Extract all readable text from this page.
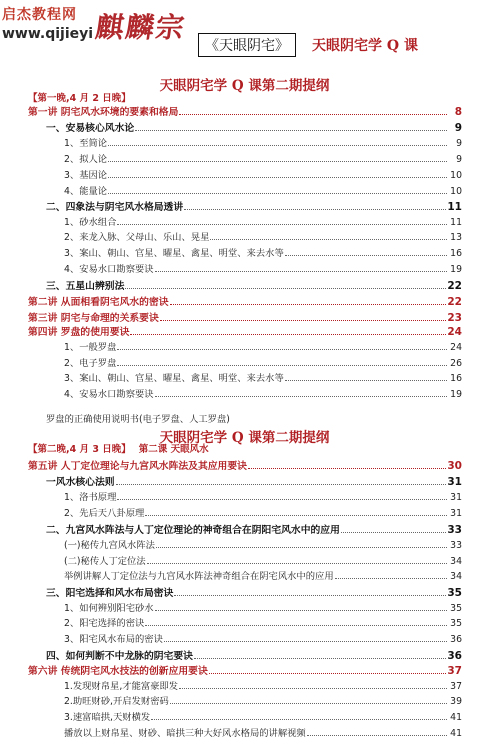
启杰教程网
www.qijieyi 麒麟宗
《天眼阴宅》	天眼阴宅学 Q 课
天眼阴宅学 Q 课第二期提纲
【第一晚,4 月 2 日晚】
第一讲 阴宅风水环境的要素和格局	8
一、安易核心风水论	9
1、至简论	9
2、拟人论	9
3、基因论	10
4、能量论	10
二、四象法与阴宅风水格局透讲	11
1、砂水组合	11
2、来龙入脉、父母山、乐山、晃星	13
3、案山、朝山、官星、曜星、禽星、明堂、来去水等	16
4、安易水口勘察要诀	19
三、五星山辨别法	22
第二讲 从面相看阴宅风水的密诀	22
第三讲 阴宅与命理的关系要诀	23
第四讲 罗盘的使用要诀	24
1、一般罗盘	24
2、电子罗盘	26
3、案山、朝山、官星、曜星、禽星、明堂、来去水等	16
4、安易水口勘察要诀	19
罗盘的正确使用说明书(电子罗盘、人工罗盘)
天眼阴宅学 Q 课第二期提纲
【第二晚,4 月 3 日晚】 第二课 天眼风水
第五讲 人丁定位理论与九宫风水阵法及其应用要诀	30
一风水核心法则	31
1、洛书原理	31
2、先后天八卦原理	31
二、九宫风水阵法与人丁定位理论的神奇组合在阴阳宅风水中的应用	33
(一)秘传九宫风水阵法	33
(二)秘传人丁定位法	34
举例讲解人丁定位法与九宫风水阵法神奇组合在阴宅风水中的应用	34
三、阳宅选择和风水布局密诀	35
1、如何辨别阳宅砂水	35
2、阳宅选择的密诀	35
3、阳宅风水布局的密诀	36
四、如何判断不中龙脉的阴宅要诀	36
第六讲 传统阴宅风水技法的创新应用要诀	37
1.发现财帛星,才能富豪即发	37
2.助旺财砂,开启发财密码	39
3.速富暗拱,天财横发	41
播放以上财帛星、财砂、暗拱三种大好风水格局的讲解视频	41
